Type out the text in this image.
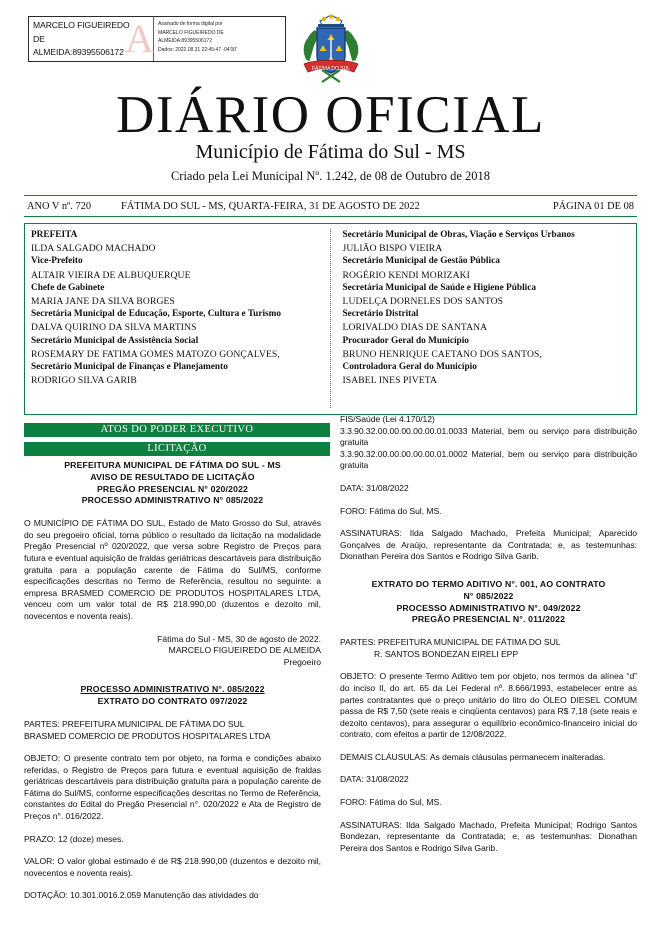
MARCELO FIGUEIREDO
DE
ALMEIDA:89395506172 A Assinado de forma digital por
MARCELO FIGUEIREDO DE
ALMEIDA:89395506172
Dados: 2022.08.31 22:45:47 -04'00'
FÁTIMA DO SUL
DIÁRIO OFICIAL
Município de Fátima do Sul - MS
Criado pela Lei Municipal Nº. 1.242, de 08 de Outubro de 2018
ANO V nº. 720	FÁTIMA DO SUL - MS, QUARTA-FEIRA, 31 DE AGOSTO DE 2022	PÁGINA 01 DE 08
PREFEITA
ILDA SALGADO MACHADO
Vice-Prefeito
ALTAIR VIEIRA DE ALBUQUERQUE
Chefe de Gabinete
MARIA JANE DA SILVA BORGES
Secretária Municipal de Educação, Esporte, Cultura e Turismo
DALVA QUIRINO DA SILVA MARTINS
Secretário Municipal de Assistência Social
ROSEMARY DE FATIMA GOMES MATOZO GONÇALVES,
Secretário Municipal de Finanças e Planejamento
RODRIGO SILVA GARIB
Secretário Municipal de Obras, Viação e Serviços Urbanos
JULIÃO BISPO VIEIRA
Secretário Municipal de Gestão Pública
ROGÉRIO KENDI MORIZAKI
Secretária Municipal de Saúde e Higiene Pública
LUDELÇA DORNELES DOS SANTOS
Secretário Distrital
LORIVALDO DIAS DE SANTANA
Procurador Geral do Município
BRUNO HENRIQUE CAETANO DOS SANTOS,
Controladora Geral do Município
ISABEL INES PIVETA
ATOS DO PODER EXECUTIVO
LICITAÇÃO
PREFEITURA MUNICIPAL DE FÁTIMA DO SUL - MS
AVISO DE RESULTADO DE LICITAÇÃO
PREGÃO PRESENCIAL N° 020/2022
PROCESSO ADMINISTRATIVO N° 085/2022

O MUNICÍPIO DE FÁTIMA DO SUL, Estado de Mato Grosso do Sul, através do seu pregoeiro oficial, torna público o resultado da licitação na modalidade Pregão Presencial nº 020/2022, que versa sobre Registro de Preços para futura e eventual aquisição de fraldas geriátricas descartáveis para distribuição gratuita para a população carente de Fátima do Sul/MS, conforme especificações descritas no Termo de Referência, resultou no seguinte: a empresa BRASMED COMERCIO DE PRODUTOS HOSPITALARES LTDA, venceu com um valor total de R$ 218.990,00 (duzentos e dezoito mil, novecentos e noventa reais).

Fátima do Sul - MS, 30 de agosto de 2022.
MARCELO FIGUEIREDO DE ALMEIDA
Pregoeiro
PROCESSO ADMINISTRATIVO N°. 085/2022
EXTRATO DO CONTRATO 097/2022

PARTES: PREFEITURA MUNICIPAL DE FÁTIMA DO SUL

BRASMED COMERCIO DE PRODUTOS HOSPITALARES LTDA

OBJETO: O presente contrato tem por objeto, na forma e condições abaixo referidas, o Registro de Preços para futura e eventual aquisição de fraldas geriátricas descartáveis para distribuição gratuita para a população carente de Fátima do Sul/MS, conforme especificações descritas no Termo de Referência, constantes do Edital do Pregão Presencial n°. 020/2022 e Ata de Registro de Preços n°. 016/2022.

PRAZO: 12 (doze) meses.

VALOR: O valor global estimado é de R$ 218.990,00 (duzentos e dezoito mil, novecentos e noventa reais).

DOTAÇÃO: 10.301.0016.2.059 Manutenção das atividades do

FIS/Saúde (Lei 4.170/12)

3.3.90.32.00.00.00.00.00.01.0033 Material, bem ou serviço para distribuição gratuita

3.3.90.32.00.00.00.00.00.01.0002 Material, bem ou serviço para distribuição gratuita

DATA: 31/08/2022

FORO: Fátima do Sul, MS.

ASSINATURAS: Ilda Salgado Machado, Prefeita Municipal; Aparecido Gonçalves de Araújo, representante da Contratada; e, as testemunhas: Dionathan Pereira dos Santos e Rodrigo Silva Garib.

EXTRATO DO TERMO ADITIVO N°. 001, AO CONTRATO
N° 085/2022
PROCESSO ADMINISTRATIVO N°. 049/2022
PREGÃO PRESENCIAL N°. 011/2022

PARTES: PREFEITURA MUNICIPAL DE FÁTIMA DO SUL

R. SANTOS BONDEZAN EIRELI EPP

OBJETO: O presente Termo Aditivo tem por objeto, nos termos da alínea “d” do inciso II, do art. 65 da Lei Federal nº. 8.666/1993, estabelecer entre as partes contratantes que o preço unitário do litro do ÓLEO DIESEL COMUM passa de R$ 7,50 (sete reais e cinqüenta centavos) para R$ 7,18 (sete reais e dezoito centavos), para assegurar o equilíbrio econômico-financeiro inicial do contrato, com efeitos a partir de 12/08/2022.

DEMAIS CLÁUSULAS: As demais cláusulas permanecem inalteradas.

DATA: 31/08/2022

FORO: Fátima do Sul, MS.

ASSINATURAS: Ilda Salgado Machado, Prefeita Municipal; Rodrigo Santos Bondezan, representante da Contratada; e, as testemunhas: Dionathan Pereira dos Santos e Rodrigo Silva Garib.
